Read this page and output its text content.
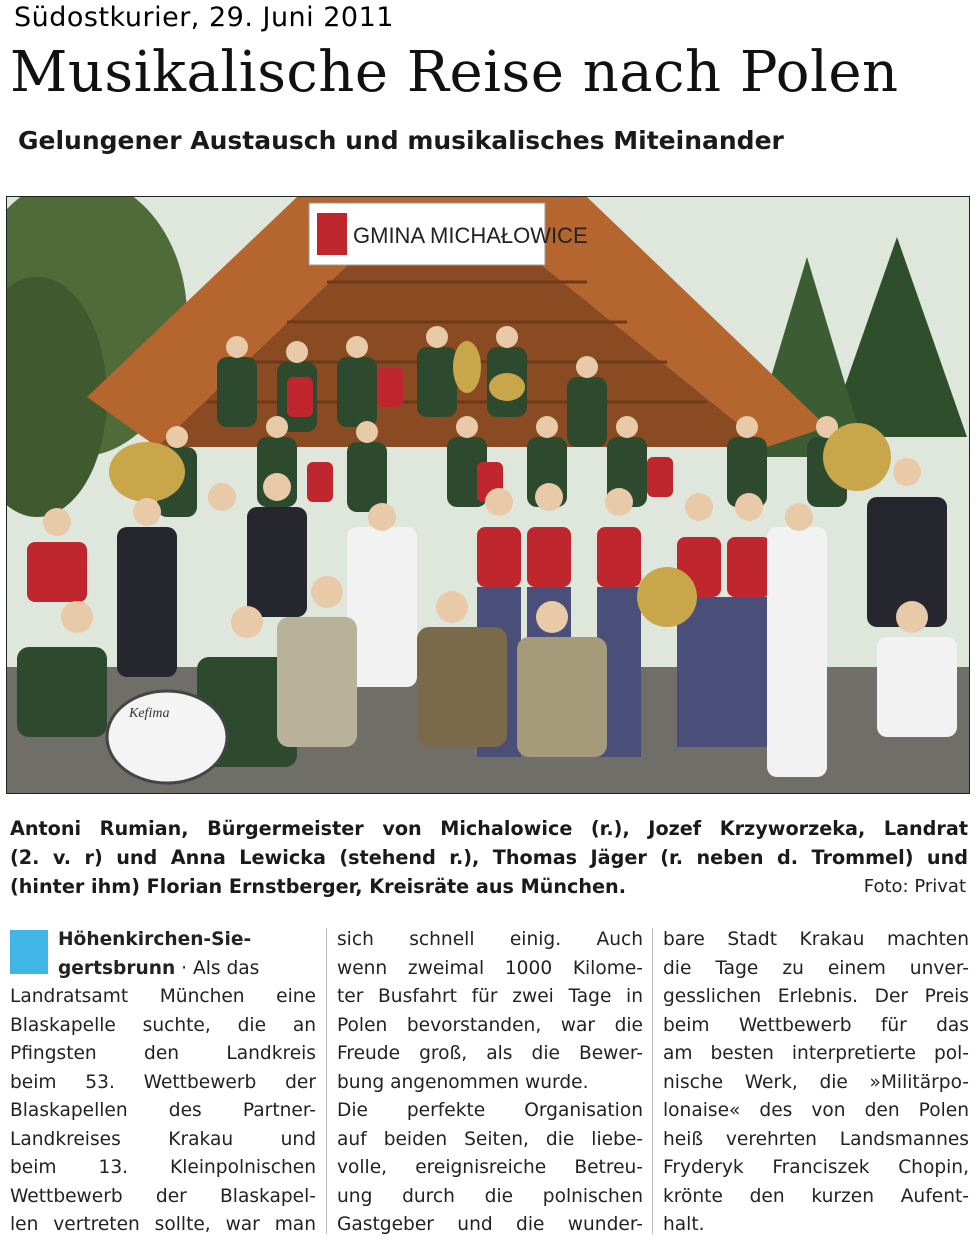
Südostkurier, 29. Juni 2011
Musikalische Reise nach Polen
Gelungener Austausch und musikalisches Miteinander
GMINA MICHAŁOWICE
Kefima
Antoni Rumian, Bürgermeister von Michalowice (r.), Jozef Krzyworzeka, Landrat
(2. v. r) und Anna Lewicka (stehend r.), Thomas Jäger (r. neben d. Trommel) und
(hinter ihm) Florian Ernstberger, Kreisräte aus München.	Foto: Privat
Höhenkirchen-Sie-
gertsbrunn · Als das
Landratsamt München eine
Blaskapelle suchte, die an
Pfingsten den Landkreis
beim 53. Wettbewerb der
Blaskapellen des Partner-
Landkreises Krakau und
beim 13. Kleinpolnischen
Wettbewerb der Blaskapel-
len vertreten sollte, war man
sich schnell einig. Auch
wenn zweimal 1000 Kilome-
ter Busfahrt für zwei Tage in
Polen bevorstanden, war die
Freude groß, als die Bewer-
bung angenommen wurde.
Die perfekte Organisation
auf beiden Seiten, die liebe-
volle, ereignisreiche Betreu-
ung durch die polnischen
Gastgeber und die wunder-
bare Stadt Krakau machten
die Tage zu einem unver-
gesslichen Erlebnis. Der Preis
beim Wettbewerb für das
am besten interpretierte pol-
nische Werk, die »Militärpo-
lonaise« des von den Polen
heiß verehrten Landsmannes
Fryderyk Franciszek Chopin,
krönte den kurzen Aufent-
halt.
